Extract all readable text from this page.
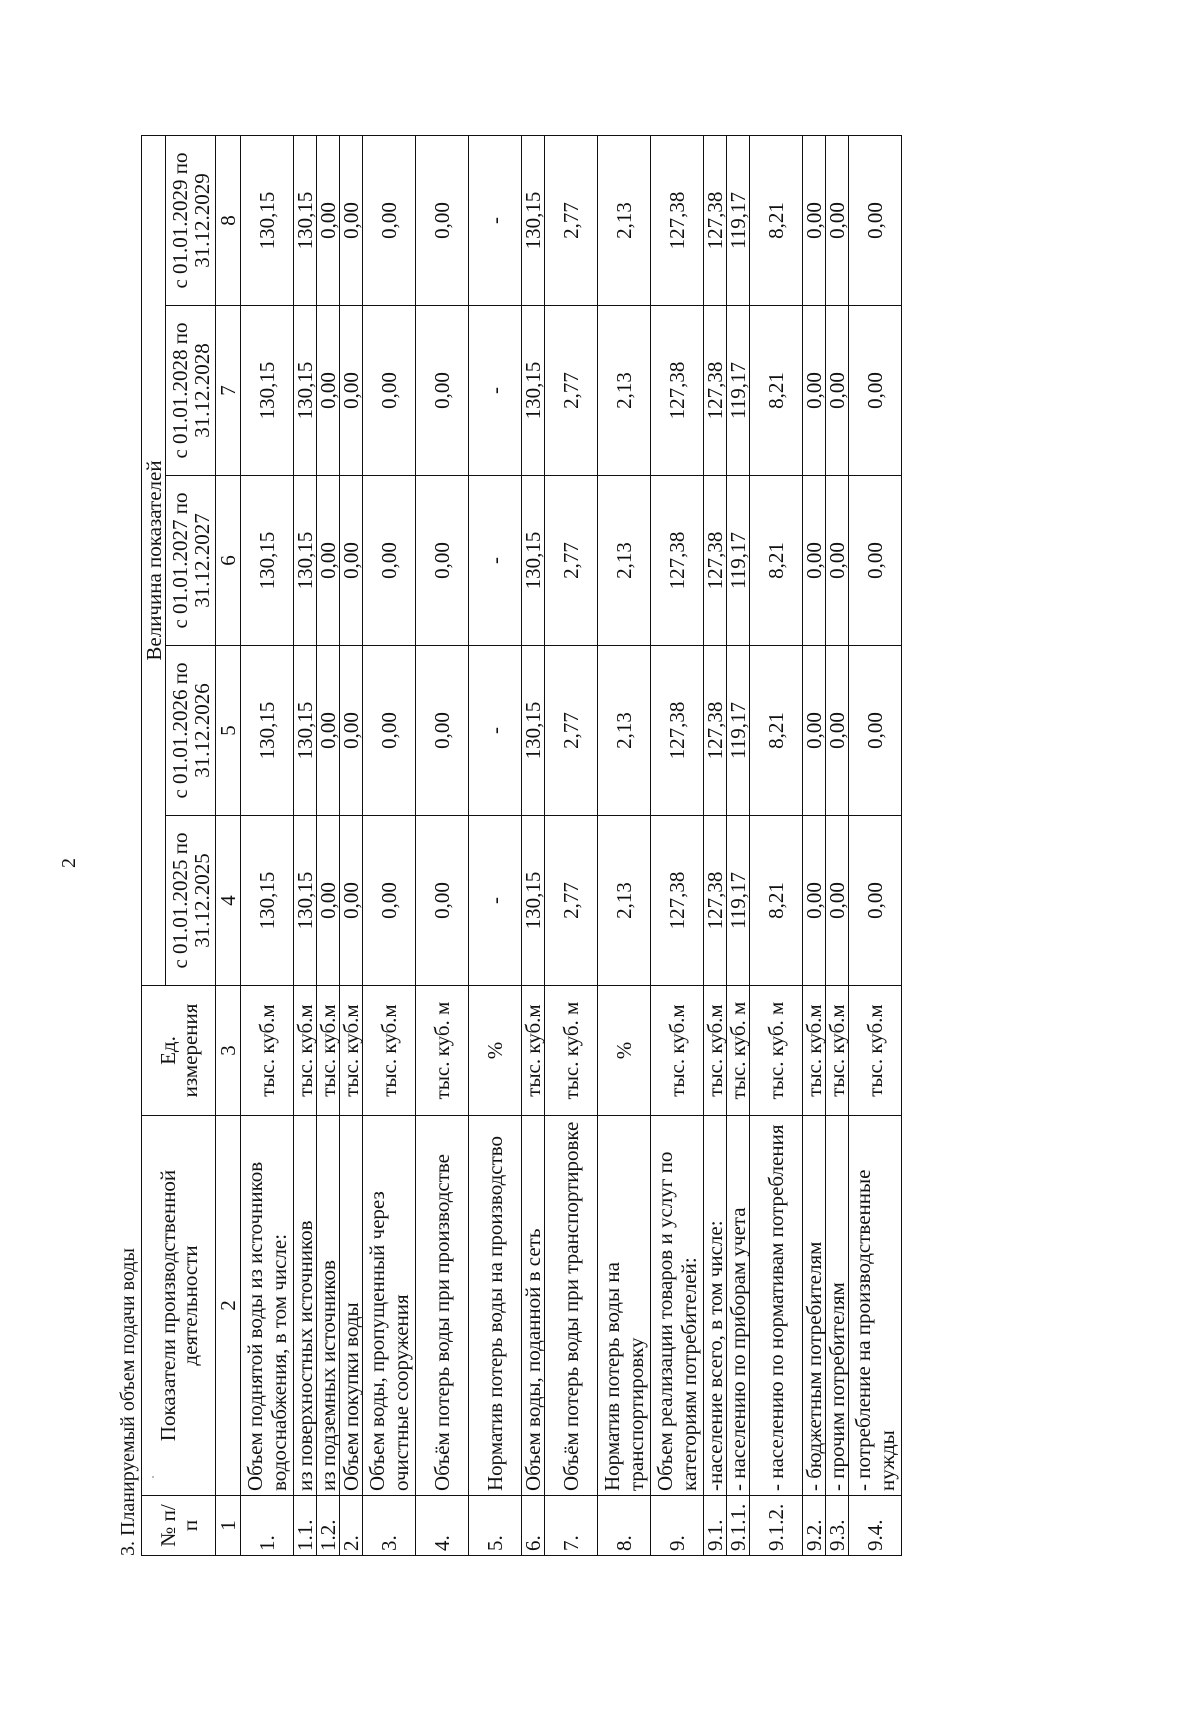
2
3. Планируемый объем подачи воды № п/п	Показатели производственной деятельности	Ед. измерения	Величина показателей				
			с 01.01.2025 по 31.12.2025	с 01.01.2026 по 31.12.2026	с 01.01.2027 по 31.12.2027	с 01.01.2028 по 31.12.2028	с 01.01.2029 по 31.12.2029
1	2	3	4	5	6	7	8
1.	Объем поднятой воды из источников водоснабжения, в том числе:	тыс. куб.м	130,15	130,15	130,15	130,15	130,15
1.1.	из поверхностных источников	тыс. куб.м	130,15	130,15	130,15	130,15	130,15
1.2.	из подземных источников	тыс. куб.м	0,00	0,00	0,00	0,00	0,00
2.	Объем покупки воды	тыс. куб.м	0,00	0,00	0,00	0,00	0,00
3.	Объем воды, пропущенный через очистные сооружения	тыс. куб.м	0,00	0,00	0,00	0,00	0,00
4.	Объём потерь воды при производстве	тыс. куб. м	0,00	0,00	0,00	0,00	0,00
5.	Норматив потерь воды на производство	%	-	-	-	-	-
6.	Объем воды, поданной в сеть	тыс. куб.м	130,15	130,15	130,15	130,15	130,15
7.	Объём потерь воды при транспортировке	тыс. куб. м	2,77	2,77	2,77	2,77	2,77
8.	Норматив потерь воды на транспортировку	%	2,13	2,13	2,13	2,13	2,13
9.	Объем реализации товаров и услуг по категориям потребителей:	тыс. куб.м	127,38	127,38	127,38	127,38	127,38
9.1.	-население всего, в том числе:	тыс. куб.м	127,38	127,38	127,38	127,38	127,38
9.1.1.	- населению по приборам учета	тыс. куб. м	119,17	119,17	119,17	119,17	119,17
9.1.2.	- населению по нормативам потребления	тыс. куб. м	8,21	8,21	8,21	8,21	8,21
9.2.	- бюджетным потребителям	тыс. куб.м	0,00	0,00	0,00	0,00	0,00
9.3.	- прочим потребителям	тыс. куб.м	0,00	0,00	0,00	0,00	0,00
9.4.	- потребление на производственные нужды	тыс. куб.м	0,00	0,00	0,00	0,00	0,00
